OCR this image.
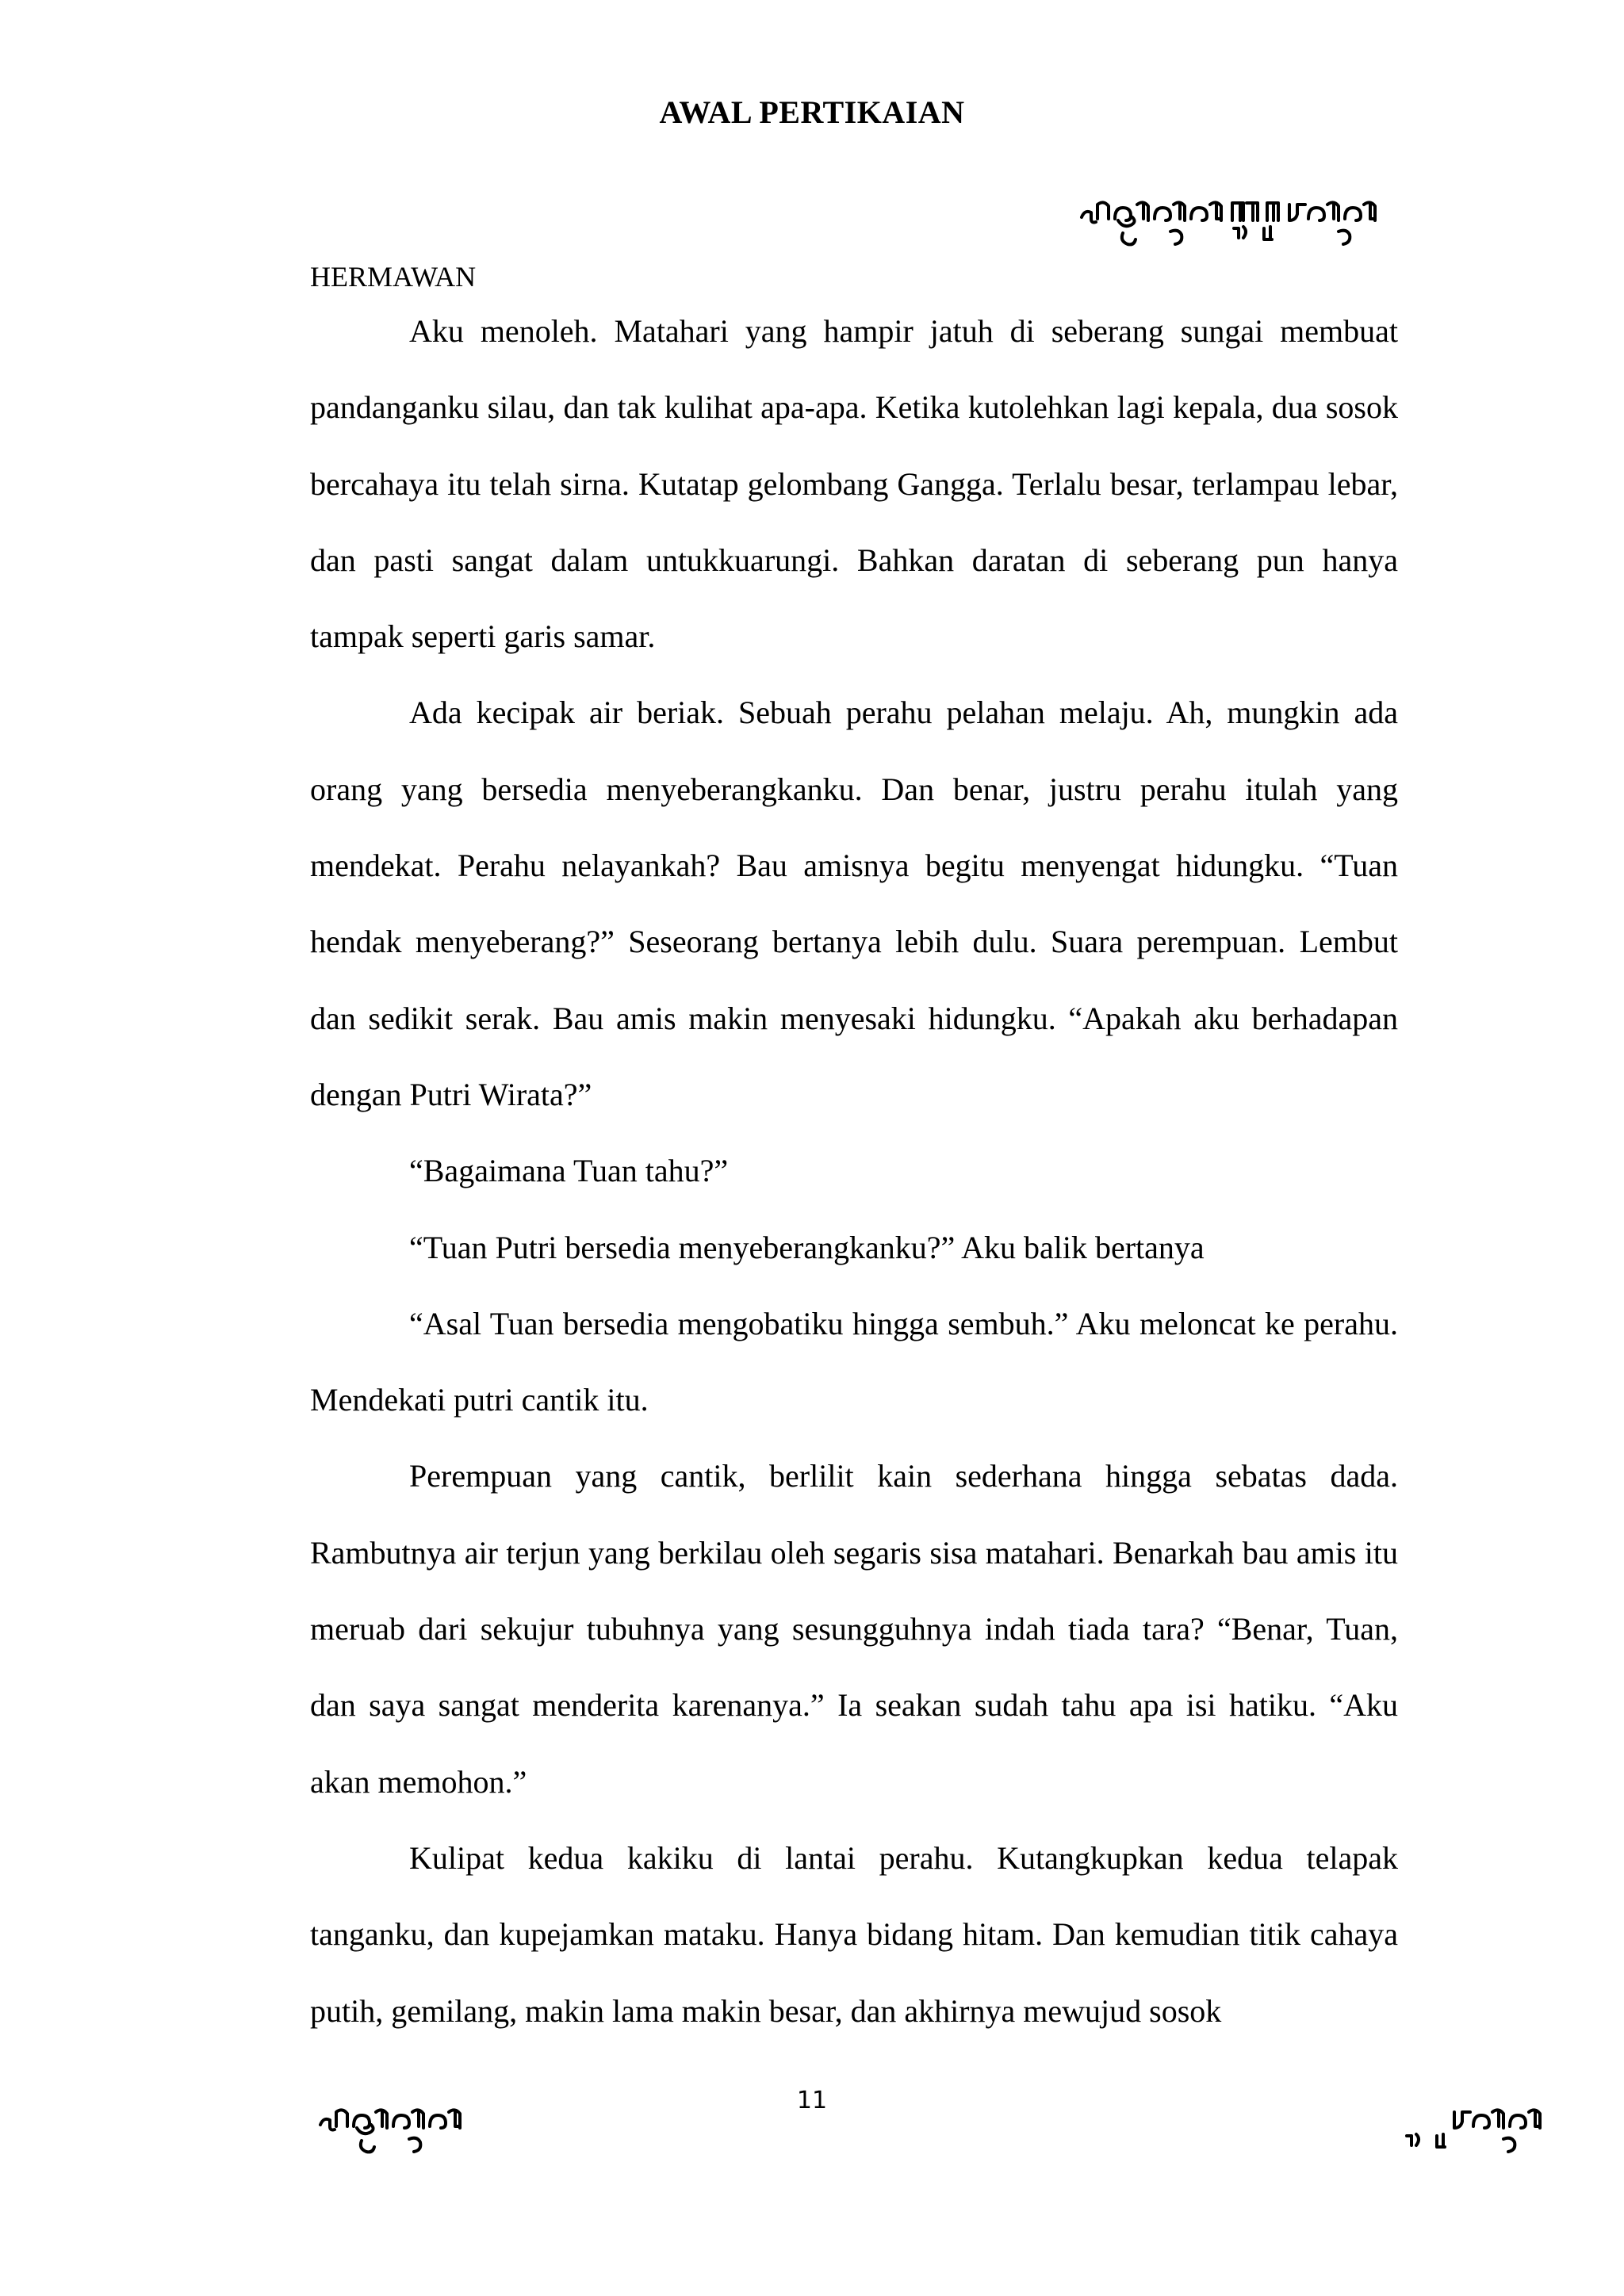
AWAL PERTIKAIAN
HERMAWAN

Aku menoleh. Matahari yang hampir jatuh di seberang sungai membuat pandanganku silau, dan tak kulihat apa-apa. Ketika kutolehkan lagi kepala, dua sosok bercahaya itu telah sirna. Kutatap gelombang Gangga. Terlalu besar, terlampau lebar, dan pasti sangat dalam untukkuarungi. Bahkan daratan di seberang pun hanya tampak seperti garis samar.

Ada kecipak air beriak. Sebuah perahu pelahan melaju. Ah, mungkin ada orang yang bersedia menyeberangkanku. Dan benar, justru perahu itulah yang mendekat. Perahu nelayankah? Bau amisnya begitu menyengat hidungku. “Tuan hendak menyeberang?” Seseorang bertanya lebih dulu. Suara perempuan. Lembut dan sedikit serak. Bau amis makin menyesaki hidungku. “Apakah aku berhadapan dengan Putri Wirata?”

“Bagaimana Tuan tahu?”

“Tuan Putri bersedia menyeberangkanku?” Aku balik bertanya

“Asal Tuan bersedia mengobatiku hingga sembuh.” Aku meloncat ke perahu. Mendekati putri cantik itu.

Perempuan yang cantik, berlilit kain sederhana hingga sebatas dada. Rambutnya air terjun yang berkilau oleh segaris sisa matahari. Benarkah bau amis itu meruab dari sekujur tubuhnya yang sesungguhnya indah tiada tara? “Benar, Tuan, dan saya sangat menderita karenanya.” Ia seakan sudah tahu apa isi hatiku. “Aku akan memohon.”

Kulipat kedua kakiku di lantai perahu. Kutangkupkan kedua telapak tanganku, dan kupejamkan mataku. Hanya bidang hitam. Dan kemudian titik cahaya putih, gemilang, makin lama makin besar, dan akhirnya mewujud sosok

11
